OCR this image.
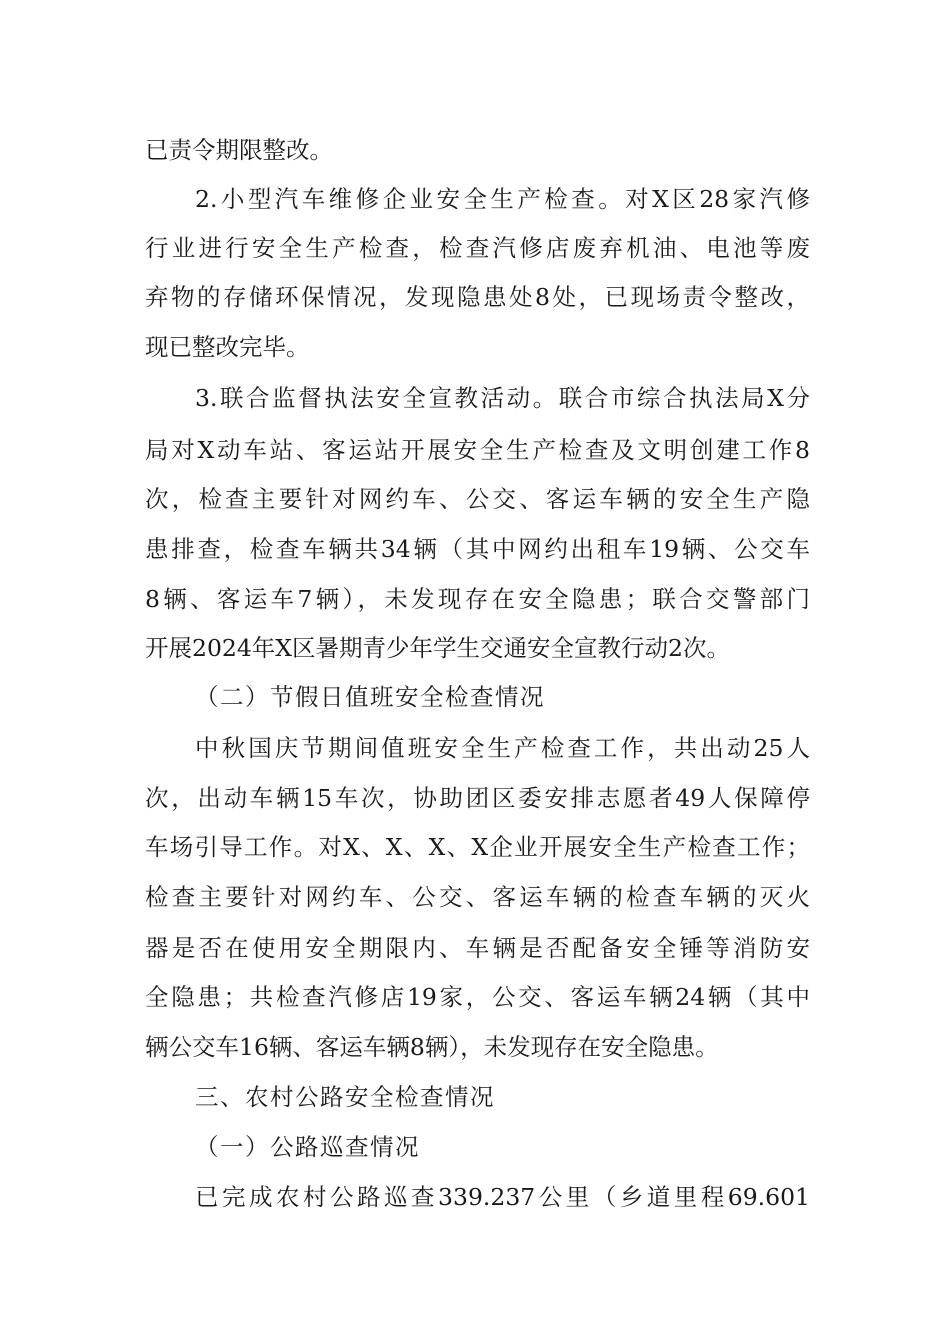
已责令期限整改。
2.小型汽车维修企业安全生产检查。对X区28家汽修
行业进行安全生产检查，检查汽修店废弃机油、电池等废
弃物的存储环保情况，发现隐患处8处，已现场责令整改，
现已整改完毕。
3.联合监督执法安全宣教活动。联合市综合执法局X分
局对X动车站、客运站开展安全生产检查及文明创建工作8
次，检查主要针对网约车、公交、客运车辆的安全生产隐
患排查，检查车辆共34辆（其中网约出租车19辆、公交车
8辆、客运车7辆），未发现存在安全隐患；联合交警部门
开展2024年X区暑期青少年学生交通安全宣教行动2次。
（二）节假日值班安全检查情况
中秋国庆节期间值班安全生产检查工作，共出动25人
次，出动车辆15车次，协助团区委安排志愿者49人保障停
车场引导工作。对X、X、X、X企业开展安全生产检查工作；
检查主要针对网约车、公交、客运车辆的检查车辆的灭火
器是否在使用安全期限内、车辆是否配备安全锤等消防安
全隐患；共检查汽修店19家，公交、客运车辆24辆（其中
辆公交车16辆、客运车辆8辆），未发现存在安全隐患。
三、农村公路安全检查情况
（一）公路巡查情况
已完成农村公路巡查339.237公里（乡道里程69.601
